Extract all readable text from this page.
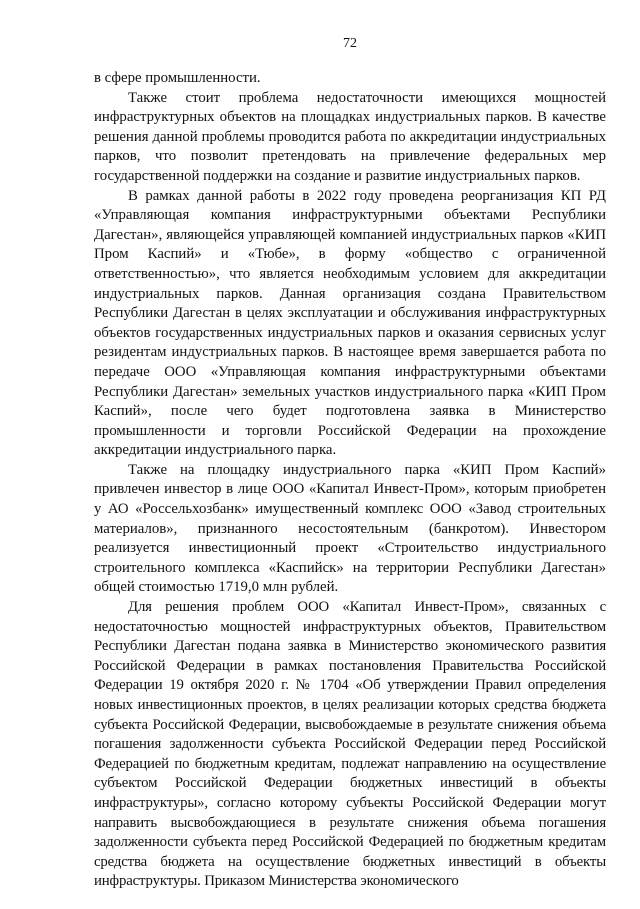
72

в сфере промышленности.

Также стоит проблема недостаточности имеющихся мощностей инфраструктурных объектов на площадках индустриальных парков. В качестве решения данной проблемы проводится работа по аккредитации индустриальных парков, что позволит претендовать на привлечение федеральных мер государственной поддержки на создание и развитие индустриальных парков.

В рамках данной работы в 2022 году проведена реорганизация КП РД «Управляющая компания инфраструктурными объектами Республики Дагестан», являющейся управляющей компанией индустриальных парков «КИП Пром Каспий» и «Тюбе», в форму «общество с ограниченной ответственностью», что является необходимым условием для аккредитации индустриальных парков. Данная организация создана Правительством Республики Дагестан в целях эксплуатации и обслуживания инфраструктурных объектов государственных индустриальных парков и оказания сервисных услуг резидентам индустриальных парков. В настоящее время завершается работа по передаче ООО «Управляющая компания инфраструктурными объектами Республики Дагестан» земельных участков индустриального парка «КИП Пром Каспий», после чего будет подготовлена заявка в Министерство промышленности и торговли Российской Федерации на прохождение аккредитации индустриального парка.

Также на площадку индустриального парка «КИП Пром Каспий» привлечен инвестор в лице ООО «Капитал Инвест-Пром», которым приобретен у АО «Россельхозбанк» имущественный комплекс ООО «Завод строительных материалов», признанного несостоятельным (банкротом). Инвестором реализуется инвестиционный проект «Строительство индустриального строительного комплекса «Каспийск» на территории Республики Дагестан» общей стоимостью 1719,0 млн рублей.

Для решения проблем ООО «Капитал Инвест-Пром», связанных с недостаточностью мощностей инфраструктурных объектов, Правительством Республики Дагестан подана заявка в Министерство экономического развития Российской Федерации в рамках постановления Правительства Российской Федерации 19 октября 2020 г. № 1704 «Об утверждении Правил определения новых инвестиционных проектов, в целях реализации которых средства бюджета субъекта Российской Федерации, высвобождаемые в результате снижения объема погашения задолженности субъекта Российской Федерации перед Российской Федерацией по бюджетным кредитам, подлежат направлению на осуществление субъектом Российской Федерации бюджетных инвестиций в объекты инфраструктуры», согласно которому субъекты Российской Федерации могут направить высвобождающиеся в результате снижения объема погашения задолженности субъекта перед Российской Федерацией по бюджетным кредитам средства бюджета на осуществление бюджетных инвестиций в объекты инфраструктуры. Приказом Министерства экономического
